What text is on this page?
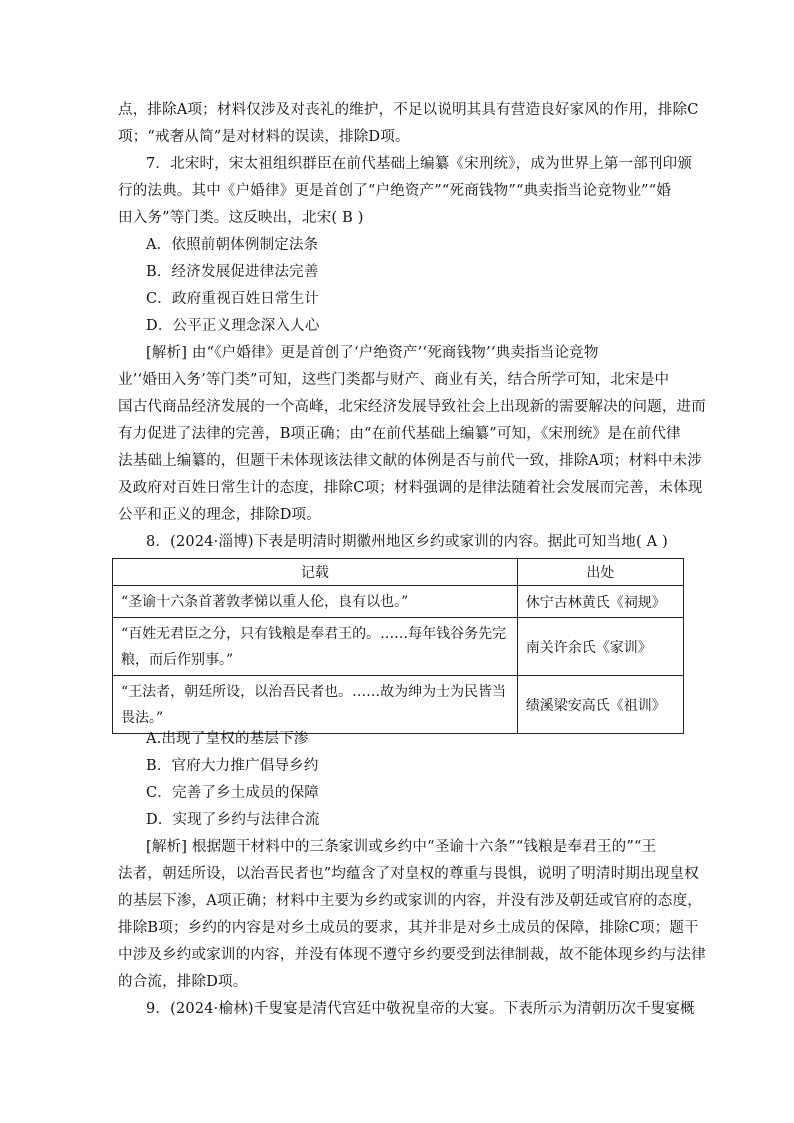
点，排除A项；材料仅涉及对丧礼的维护，不足以说明其具有营造良好家风的作用，排除C
项；“戒奢从简”是对材料的误读，排除D项。
7．北宋时，宋太祖组织群臣在前代基础上编纂《宋刑统》，成为世界上第一部刊印颁
行的法典。其中《户婚律》更是首创了“户绝资产”“死商钱物”“典卖指当论竞物业”“婚
田入务”等门类。这反映出，北宋( B )
A．依照前朝体例制定法条
B．经济发展促进律法完善
C．政府重视百姓日常生计
D．公平正义理念深入人心
[解析] 由“《户婚律》更是首创了‘户绝资产’‘死商钱物’‘典卖指当论竞物
业’‘婚田入务’等门类”可知，这些门类都与财产、商业有关，结合所学可知，北宋是中
国古代商品经济发展的一个高峰，北宋经济发展导致社会上出现新的需要解决的问题，进而
有力促进了法律的完善，B项正确；由“在前代基础上编纂”可知，《宋刑统》是在前代律
法基础上编纂的，但题干未体现该法律文献的体例是否与前代一致，排除A项；材料中未涉
及政府对百姓日常生计的态度，排除C项；材料强调的是律法随着社会发展而完善，未体现
公平和正义的理念，排除D项。
8．(2024·淄博)下表是明清时期徽州地区乡约或家训的内容。据此可知当地( A )
记载	出处
“圣谕十六条首著敦孝悌以重人伦，良有以也。”	休宁古林黄氏《祠规》
“百姓无君臣之分，只有钱粮是奉君王的。……每年钱谷务先完粮，而后作别事。”	南关许余氏《家训》
“王法者，朝廷所设，以治吾民者也。……故为绅为士为民皆当畏法。”	绩溪梁安高氏《祖训》
A.出现了皇权的基层下渗
B．官府大力推广倡导乡约
C．完善了乡土成员的保障
D．实现了乡约与法律合流
[解析] 根据题干材料中的三条家训或乡约中“圣谕十六条”“钱粮是奉君王的”“王
法者，朝廷所设，以治吾民者也”均蕴含了对皇权的尊重与畏惧，说明了明清时期出现皇权
的基层下渗，A项正确；材料中主要为乡约或家训的内容，并没有涉及朝廷或官府的态度，
排除B项；乡约的内容是对乡土成员的要求，其并非是对乡土成员的保障，排除C项；题干
中涉及乡约或家训的内容，并没有体现不遵守乡约要受到法律制裁，故不能体现乡约与法律
的合流，排除D项。
9．(2024·榆林)千叟宴是清代宫廷中敬祝皇帝的大宴。下表所示为清朝历次千叟宴概
